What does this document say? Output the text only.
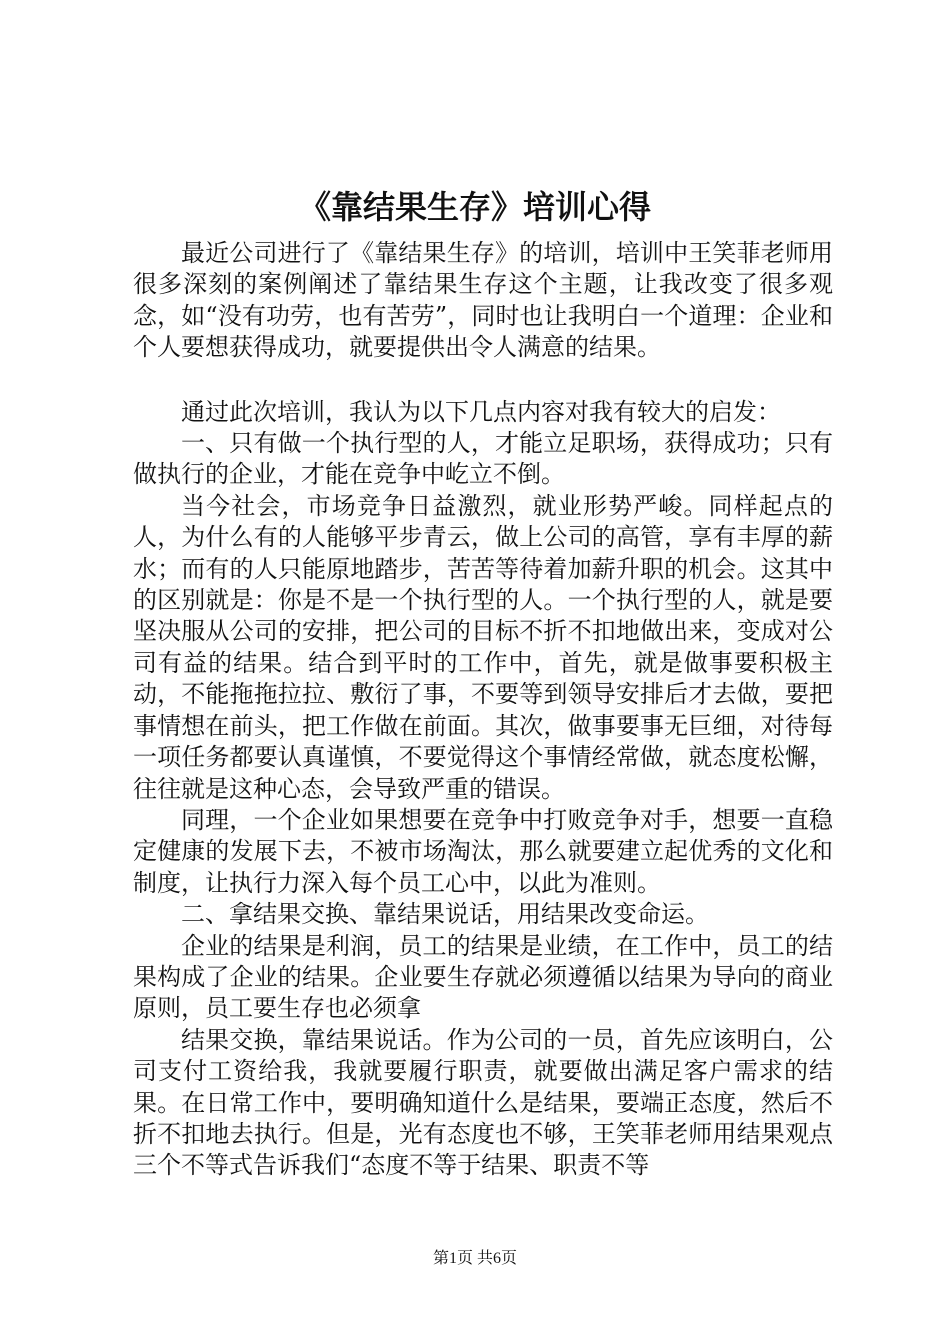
《靠结果生存》培训心得

最近公司进行了《靠结果生存》的培训，培训中王笑菲老师用很多深刻的案例阐述了靠结果生存这个主题，让我改变了很多观念，如“没有功劳，也有苦劳”，同时也让我明白一个道理：企业和个人要想获得成功，就要提供出令人满意的结果。

通过此次培训，我认为以下几点内容对我有较大的启发：

一、只有做一个执行型的人，才能立足职场，获得成功；只有做执行的企业，才能在竞争中屹立不倒。

当今社会，市场竞争日益激烈，就业形势严峻。同样起点的人，为什么有的人能够平步青云，做上公司的高管，享有丰厚的薪水；而有的人只能原地踏步，苦苦等待着加薪升职的机会。这其中的区别就是：你是不是一个执行型的人。一个执行型的人，就是要坚决服从公司的安排，把公司的目标不折不扣地做出来，变成对公司有益的结果。结合到平时的工作中，首先，就是做事要积极主动，不能拖拖拉拉、敷衍了事，不要等到领导安排后才去做，要把事情想在前头，把工作做在前面。其次，做事要事无巨细，对待每一项任务都要认真谨慎，不要觉得这个事情经常做，就态度松懈，往往就是这种心态，会导致严重的错误。

同理，一个企业如果想要在竞争中打败竞争对手，想要一直稳定健康的发展下去，不被市场淘汰，那么就要建立起优秀的文化和制度，让执行力深入每个员工心中，以此为准则。

二、拿结果交换、靠结果说话，用结果改变命运。

企业的结果是利润，员工的结果是业绩，在工作中，员工的结果构成了企业的结果。企业要生存就必须遵循以结果为导向的商业原则，员工要生存也必须拿

结果交换，靠结果说话。作为公司的一员，首先应该明白，公司支付工资给我，我就要履行职责，就要做出满足客户需求的结果。在日常工作中，要明确知道什么是结果，要端正态度，然后不折不扣地去执行。但是，光有态度也不够，王笑菲老师用结果观点三个不等式告诉我们“态度不等于结果、职责不等

第1页 共6页
